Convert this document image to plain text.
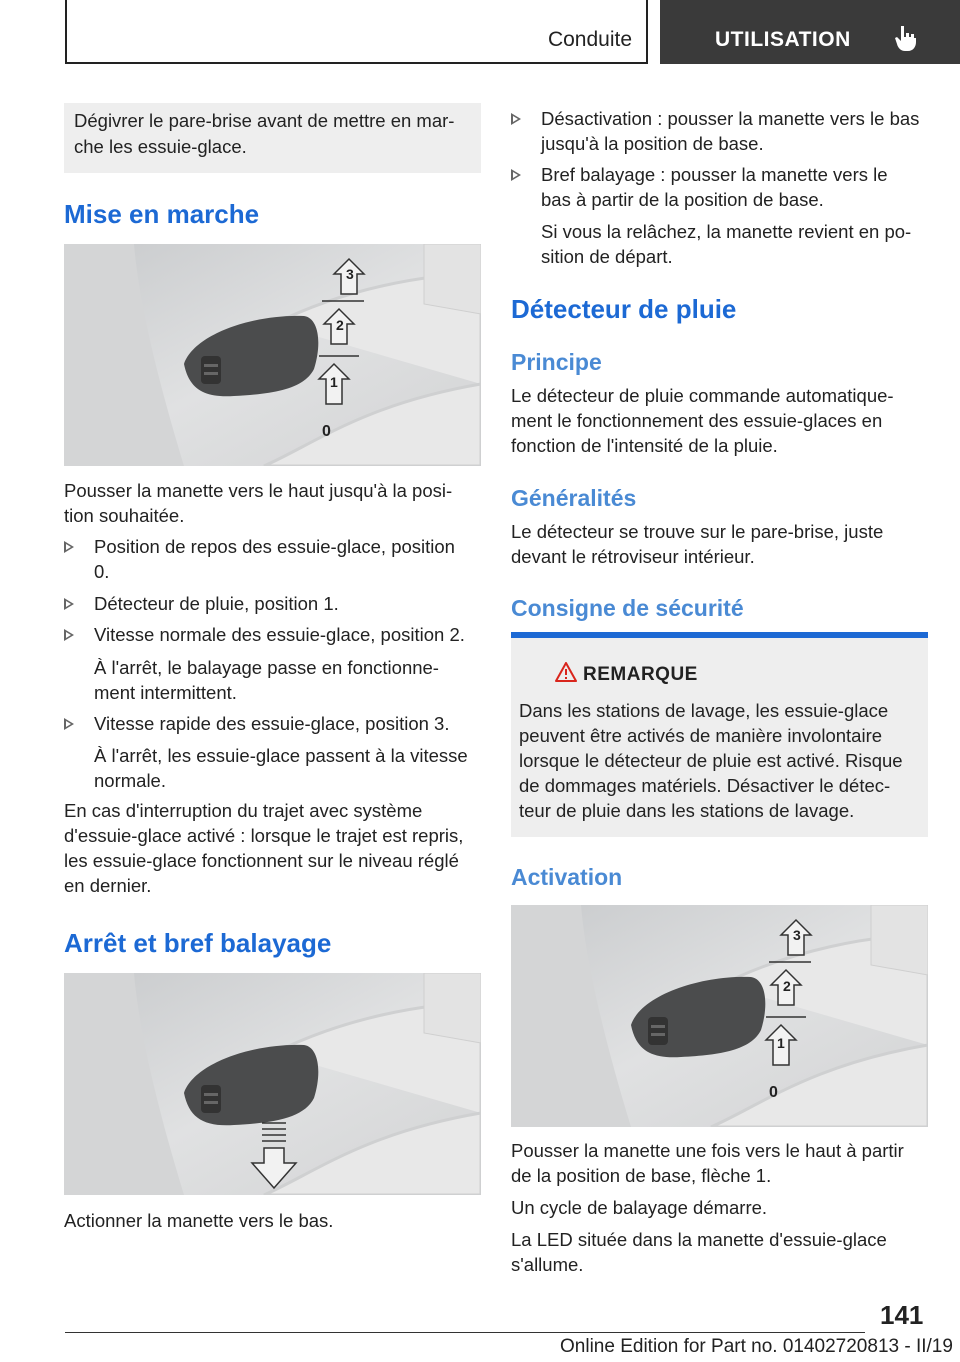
Conduite	UTILISATION
Dégivrer le pare-brise avant de mettre en mar-
che les essuie-glace.
Mise en marche
3
2
1
0

Pousser la manette vers le haut jusqu'à la posi-
tion souhaitée.

Position de repos des essuie-glace, position
0.
Détecteur de pluie, position 1.
Vitesse normale des essuie-glace, position 2.

À l'arrêt, le balayage passe en fonctionne-
ment intermittent.

Vitesse rapide des essuie-glace, position 3.

À l'arrêt, les essuie-glace passent à la vitesse
normale.

En cas d'interruption du trajet avec système
d'essuie-glace activé : lorsque le trajet est repris,
les essuie-glace fonctionnent sur le niveau réglé
en dernier.

Arrêt et bref balayage

Actionner la manette vers le bas.

Désactivation : pousser la manette vers le bas
jusqu'à la position de base.
Bref balayage : pousser la manette vers le
bas à partir de la position de base.

Si vous la relâchez, la manette revient en po-
sition de départ.

Détecteur de pluie
Principe

Le détecteur de pluie commande automatique-
ment le fonctionnement des essuie-glaces en
fonction de l'intensité de la pluie.

Généralités

Le détecteur se trouve sur le pare-brise, juste
devant le rétroviseur intérieur.

Consigne de sécurité
REMARQUE

Dans les stations de lavage, les essuie-glace
peuvent être activés de manière involontaire
lorsque le détecteur de pluie est activé. Risque
de dommages matériels. Désactiver le détec-
teur de pluie dans les stations de lavage.

Activation
3
2
1
0

Pousser la manette une fois vers le haut à partir
de la position de base, flèche 1.

Un cycle de balayage démarre.

La LED située dans la manette d'essuie-glace
s'allume.

141
Online Edition for Part no. 01402720813 - II/19
